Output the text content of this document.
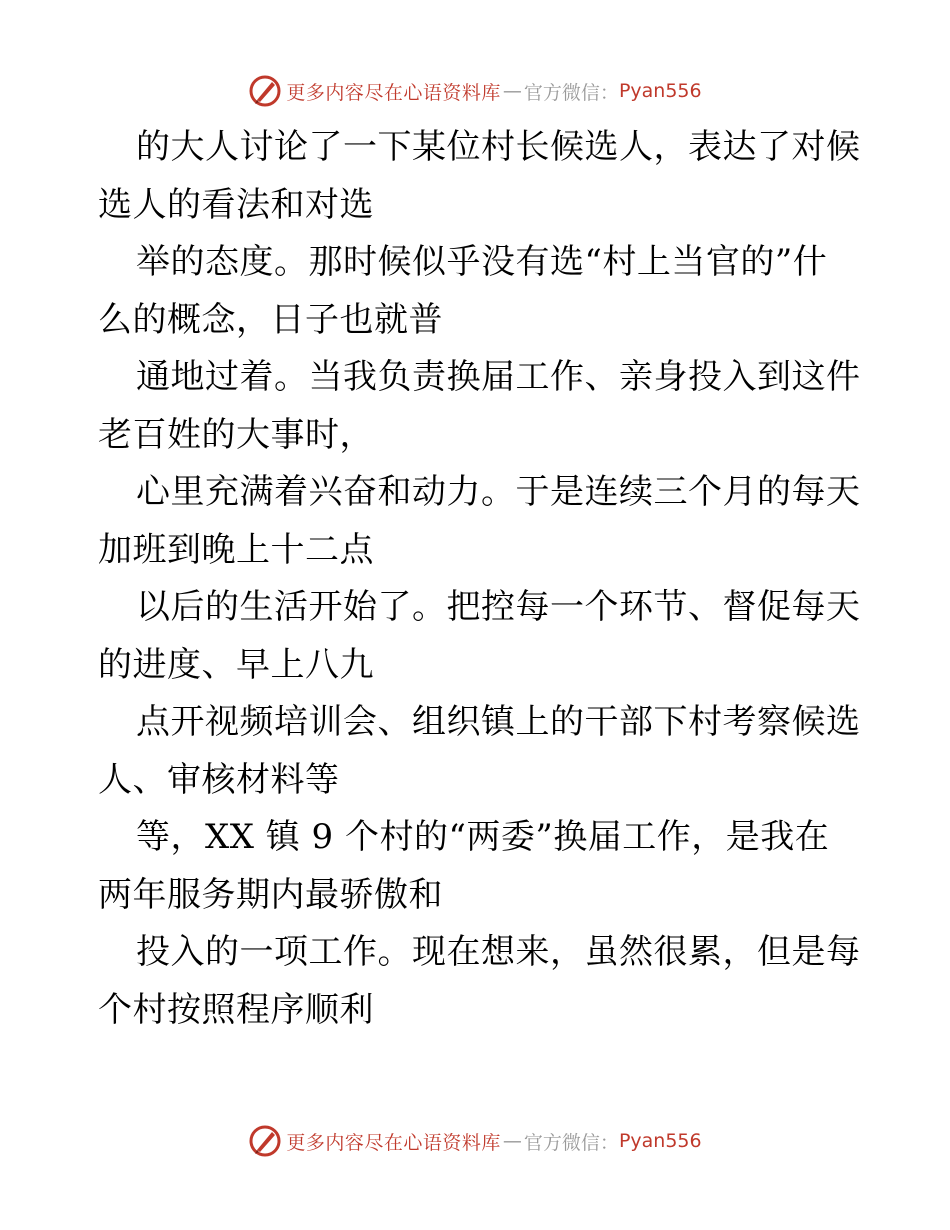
更多内容尽在心语资料库 — 官方微信： Pyan556
的大人讨论了一下某位村长候选人，表达了对候
选人的看法和对选
举的态度。那时候似乎没有选“村上当官的”什
么的概念，日子也就普
通地过着。当我负责换届工作、亲身投入到这件
老百姓的大事时，
心里充满着兴奋和动力。于是连续三个月的每天
加班到晚上十二点
以后的生活开始了。把控每一个环节、督促每天
的进度、早上八九
点开视频培训会、组织镇上的干部下村考察候选
人、审核材料等
等，XX 镇 9 个村的“两委”换届工作，是我在
两年服务期内最骄傲和
投入的一项工作。现在想来，虽然很累，但是每
个村按照程序顺利
更多内容尽在心语资料库 — 官方微信： Pyan556
